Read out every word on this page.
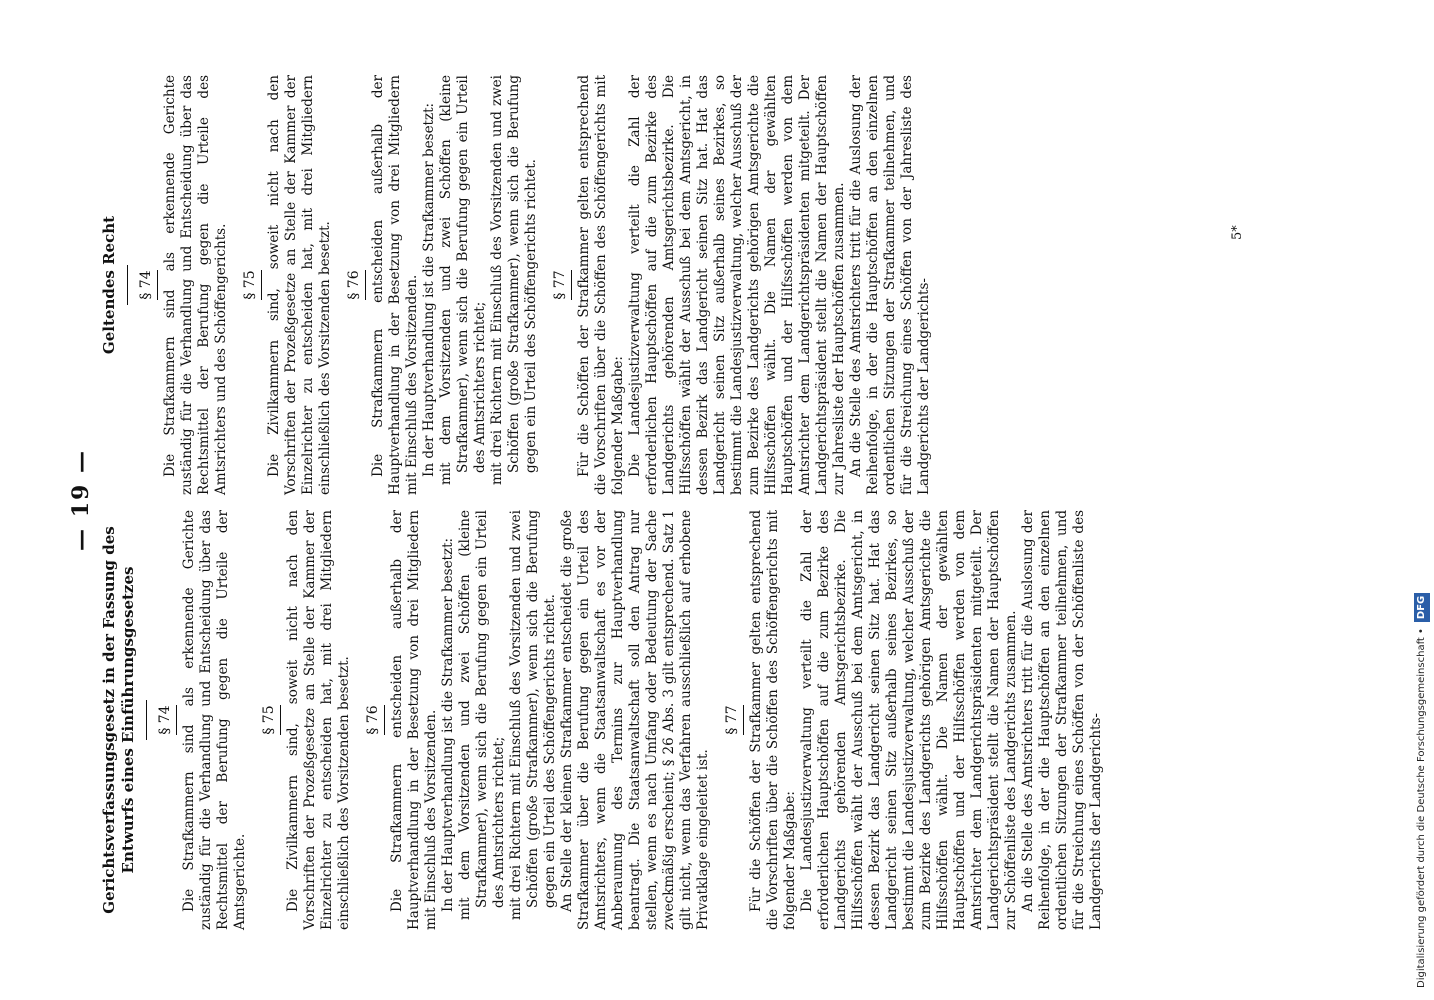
— 19 —
Gerichtsverfassungsgesetz in der Fassung des Entwurfs eines Einführungsgesetzes § 74 Die Strafkammern sind als erkennende Gerichte zuständig für die Verhandlung und Entscheidung über das Rechtsmittel der Berufung gegen die Urteile der Amtsgerichte.

§ 75 Die Zivilkammern sind, soweit nicht nach den Vorschriften der Prozeßgesetze an Stelle der Kammer der Einzelrichter zu entscheiden hat, mit drei Mitgliedern einschließlich des Vorsitzenden besetzt. § 76 Die Strafkammern entscheiden außerhalb der Hauptverhandlung in der Besetzung von drei Mitgliedern mit Einschluß des Vorsitzenden. In der Hauptverhandlung ist die Strafkammer besetzt: mit dem Vorsitzenden und zwei Schöffen (kleine Strafkammer), wenn sich die Berufung gegen ein Urteil des Amtsrichters richtet; mit drei Richtern mit Einschluß des Vorsitzenden und zwei Schöffen (große Strafkammer), wenn sich die Berufung gegen ein Urteil des Schöffengerichts richtet. An Stelle der kleinen Strafkammer entscheidet die große Strafkammer über die Berufung gegen ein Urteil des Amtsrichters, wenn die Staatsanwaltschaft es vor der Anberaumung des Termins zur Hauptverhandlung beantragt. Die Staatsanwaltschaft soll den Antrag nur stellen, wenn es nach Umfang oder Bedeutung der Sache zweckmäßig erscheint; § 26 Abs. 3 gilt entsprechend. Satz 1 gilt nicht, wenn das Verfahren ausschließlich auf erhobene Privatklage eingeleitet ist.

§ 77 Für die Schöffen der Strafkammer gelten entsprechend die Vorschriften über die Schöffen des Schöffengerichts mit folgender Maßgabe: Die Landesjustizverwaltung verteilt die Zahl der erforderlichen Hauptschöffen auf die zum Bezirke des Landgerichts gehörenden Amtsgerichtsbezirke. Die Hilfsschöffen wählt der Ausschuß bei dem Amtsgericht, in dessen Bezirk das Landgericht seinen Sitz hat. Hat das Landgericht seinen Sitz außerhalb seines Bezirkes, so bestimmt die Landesjustizverwaltung, welcher Ausschuß der zum Bezirke des Landgerichts gehörigen Amtsgerichte die Hilfsschöffen wählt. Die Namen der gewählten Hauptschöffen und der Hilfsschöffen werden von dem Amtsrichter dem Landgerichtspräsidenten mitgeteilt. Der Landgerichtspräsident stellt die Namen der Hauptschöffen zur Schöffenliste des Landgerichts zusammen. An die Stelle des Amtsrichters tritt für die Auslosung der Reihenfolge, in der die Hauptschöffen an den einzelnen ordentlichen Sitzungen der Strafkammer teilnehmen, und für die Streichung eines Schöffen von der Schöffenliste des Landgerichts der Landgerichts-

Geltendes Recht § 74 Die Strafkammern sind als erkennende Gerichte zuständig für die Verhandlung und Entscheidung über das Rechtsmittel der Berufung gegen die Urteile des Amtsrichters und des Schöffengerichts. § 75 Die Zivilkammern sind, soweit nicht nach den Vorschriften der Prozeßgesetze an Stelle der Kammer der Einzelrichter zu entscheiden hat, mit drei Mitgliedern einschließlich des Vorsitzenden besetzt. § 76 Die Strafkammern entscheiden außerhalb der Hauptverhandlung in der Besetzung von drei Mitgliedern mit Einschluß des Vorsitzenden. In der Hauptverhandlung ist die Strafkammer besetzt: mit dem Vorsitzenden und zwei Schöffen (kleine Strafkammer), wenn sich die Berufung gegen ein Urteil des Amtsrichters richtet; mit drei Richtern mit Einschluß des Vorsitzenden und zwei Schöffen (große Strafkammer), wenn sich die Berufung gegen ein Urteil des Schöffengerichts richtet. § 77 Für die Schöffen der Strafkammer gelten entsprechend die Vorschriften über die Schöffen des Schöffengerichts mit folgender Maßgabe: Die Landesjustizverwaltung verteilt die Zahl der erforderlichen Hauptschöffen auf die zum Bezirke des Landgerichts gehörenden Amtsgerichtsbezirke. Die Hilfsschöffen wählt der Ausschuß bei dem Amtsgericht, in dessen Bezirk das Landgericht seinen Sitz hat. Hat das Landgericht seinen Sitz außerhalb seines Bezirkes, so bestimmt die Landesjustizverwaltung, welcher Ausschuß der zum Bezirke des Landgerichts gehörigen Amtsgerichte die Hilfsschöffen wählt. Die Namen der gewählten Hauptschöffen und der Hilfsschöffen werden von dem Amtsrichter dem Landgerichtspräsidenten mitgeteilt. Der Landgerichtspräsident stellt die Namen der Hauptschöffen zur Jahresliste der Hauptschöffen zusammen. An die Stelle des Amtsrichters tritt für die Auslosung der Reihenfolge, in der die Hauptschöffen an den einzelnen ordentlichen Sitzungen der Strafkammer teilnehmen, und für die Streichung eines Schöffen von der Jahresliste des Landgerichts der Landgerichts-

5*
Digitalisierung gefördert durch die Deutsche Forschungsgemeinschaft •DFG
